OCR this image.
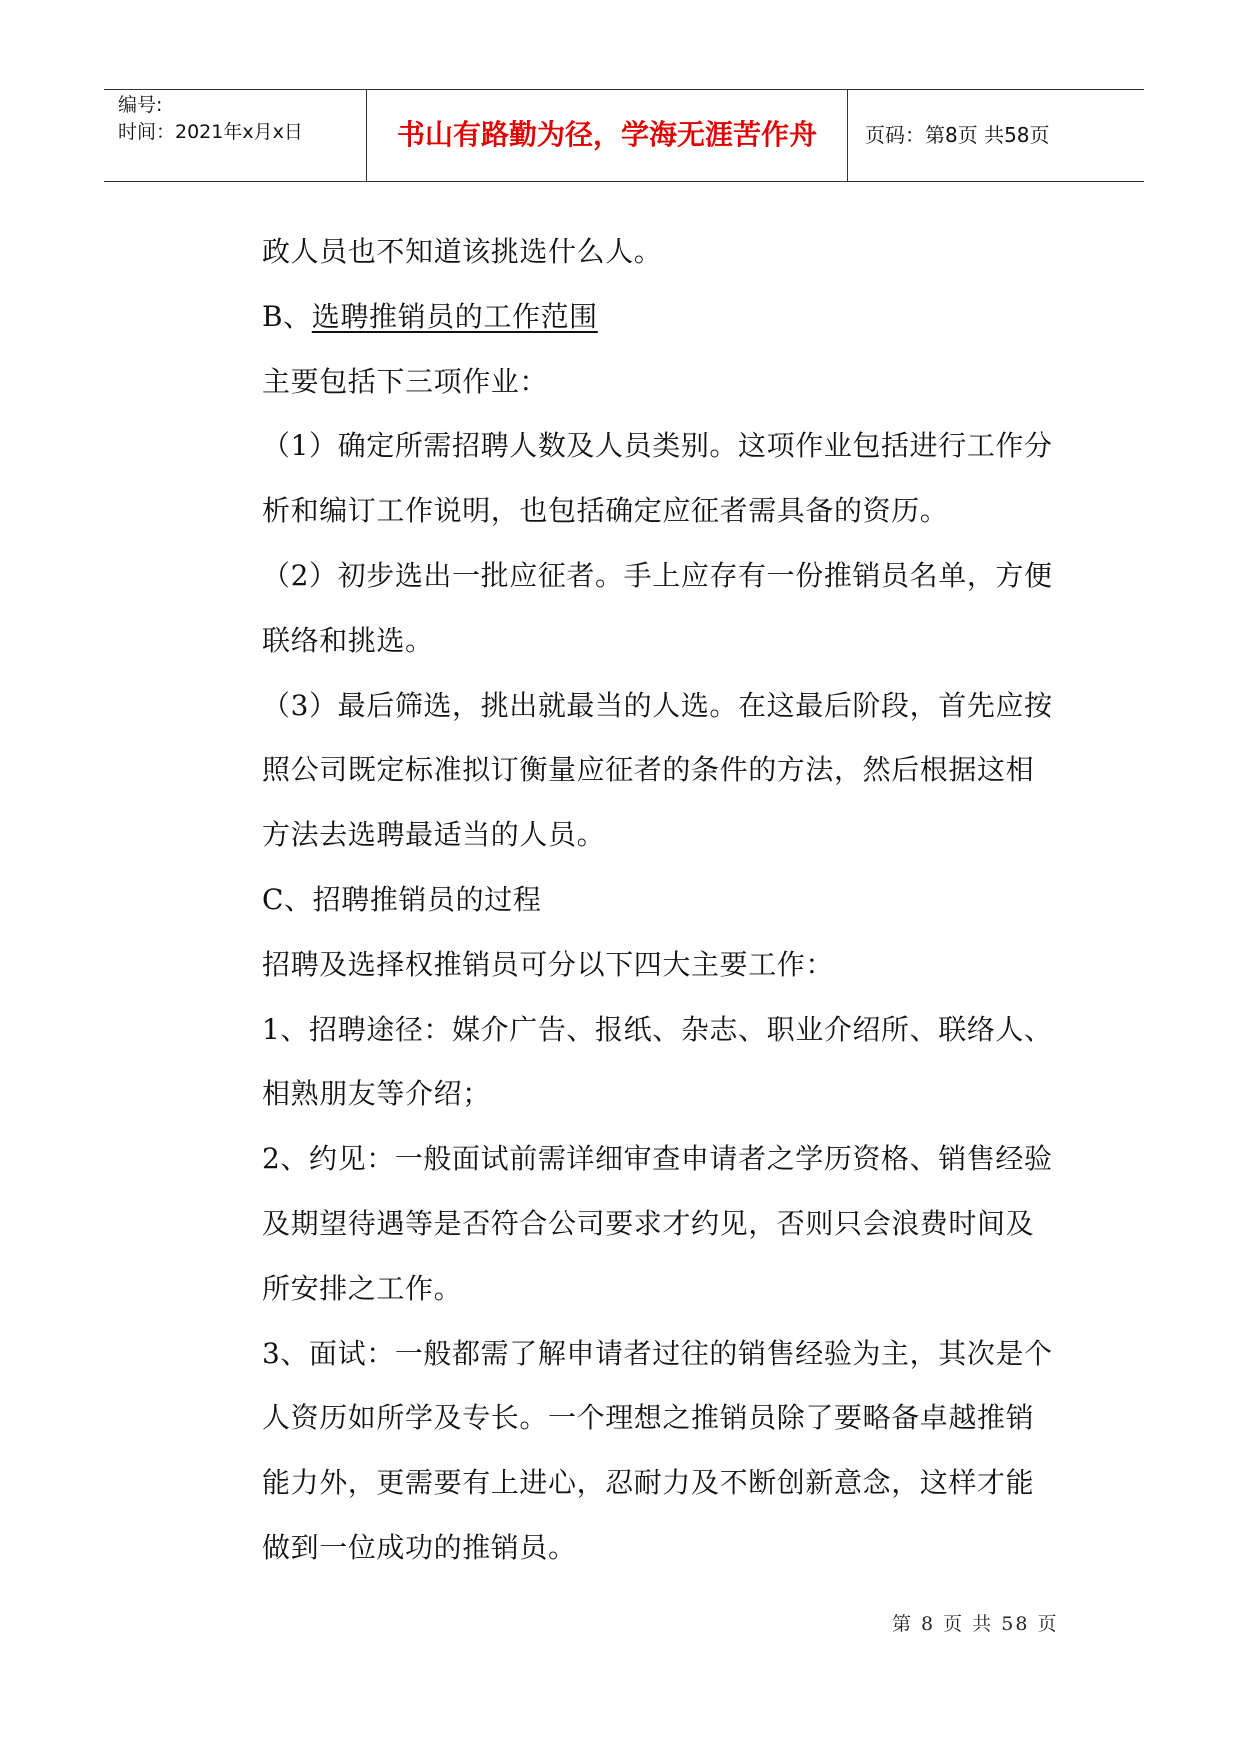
编号:
时间：2021年x月x日	书山有路勤为径，学海无涯苦作舟	页码：第8页 共58页

政人员也不知道该挑选什么人。

B、选聘推销员的工作范围

主要包括下三项作业：

（1）确定所需招聘人数及人员类别。这项作业包括进行工作分

析和编订工作说明，也包括确定应征者需具备的资历。

（2）初步选出一批应征者。手上应存有一份推销员名单，方便

联络和挑选。

（3）最后筛选，挑出就最当的人选。在这最后阶段，首先应按

照公司既定标准拟订衡量应征者的条件的方法，然后根据这相

方法去选聘最适当的人员。

C、招聘推销员的过程

招聘及选择权推销员可分以下四大主要工作：

1、招聘途径：媒介广告、报纸、杂志、职业介绍所、联络人、

相熟朋友等介绍；

2、约见：一般面试前需详细审查申请者之学历资格、销售经验

及期望待遇等是否符合公司要求才约见，否则只会浪费时间及

所安排之工作。

3、面试：一般都需了解申请者过往的销售经验为主，其次是个

人资历如所学及专长。一个理想之推销员除了要略备卓越推销

能力外，更需要有上进心，忍耐力及不断创新意念，这样才能

做到一位成功的推销员。

第 8 页 共 58 页
